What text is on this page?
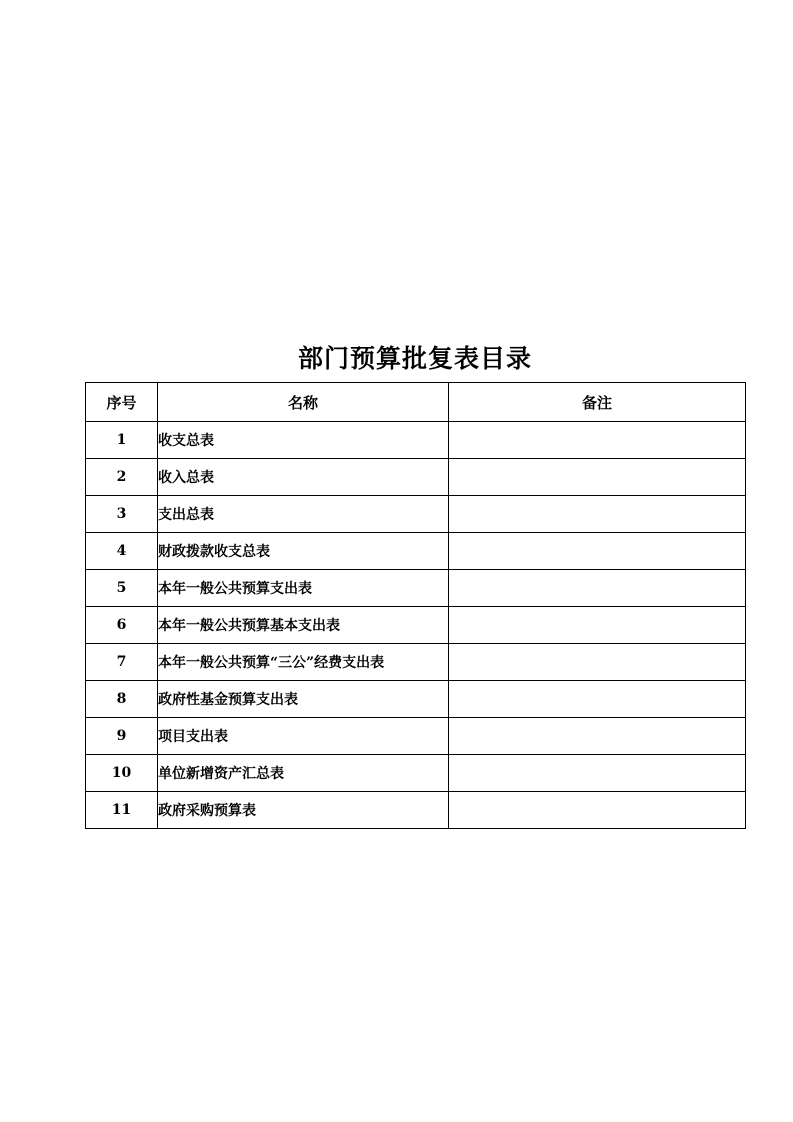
部门预算批复表目录
序号	名称	备注
1	收支总表	
2	收入总表	
3	支出总表	
4	财政拨款收支总表	
5	本年一般公共预算支出表	
6	本年一般公共预算基本支出表	
7	本年一般公共预算“三公”经费支出表	
8	政府性基金预算支出表	
9	项目支出表	
10	单位新增资产汇总表	
11	政府采购预算表	
